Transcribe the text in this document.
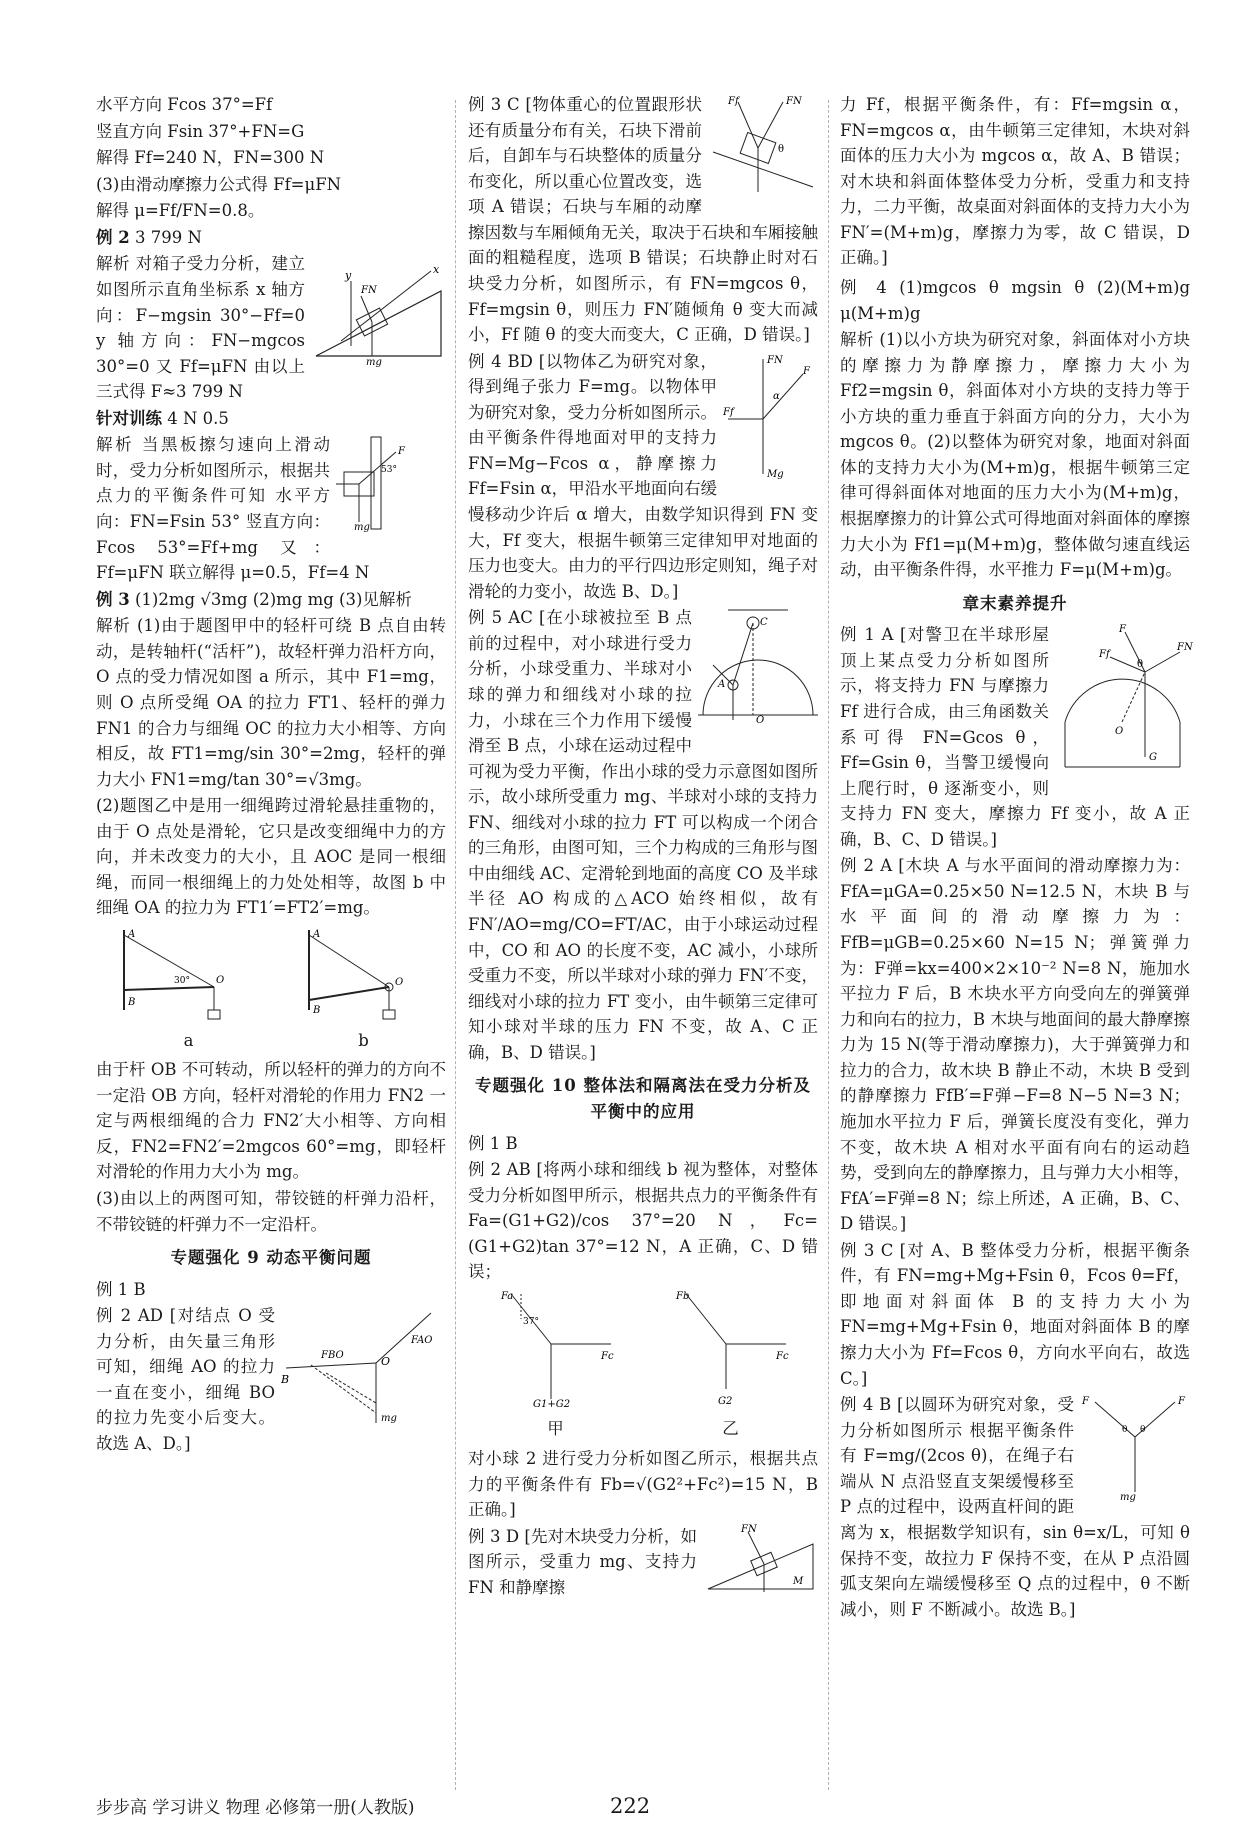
水平方向 Fcos 37°=Ff

竖直方向 Fsin 37°+FN=G

解得 Ff=240 N，FN=300 N

(3)由滑动摩擦力公式得 Ff=μFN

解得 μ=Ff/FN=0.8。

例 2 3 799 N

y	x
FN
mg

解析 对箱子受力分析，建立如图所示直角坐标系 x 轴方向：F−mgsin 30°−Ff=0 y 轴方向：FN−mgcos 30°=0 又 Ff=μFN 由以上三式得 F≈3 799 N

针对训练 4 N 0.5

F
53°
mg

解析 当黑板擦匀速向上滑动时，受力分析如图所示，根据共点力的平衡条件可知 水平方向：FN=Fsin 53° 竖直方向：Fcos 53°=Ff+mg 又：Ff=μFN 联立解得 μ=0.5，Ff=4 N

例 3 (1)2mg √3mg (2)mg mg (3)见解析

解析 (1)由于题图甲中的轻杆可绕 B 点自由转动，是转轴杆(“活杆”)，故轻杆弹力沿杆方向，O 点的受力情况如图 a 所示，其中 F1=mg，则 O 点所受绳 OA 的拉力 FT1、轻杆的弹力 FN1 的合力与细绳 OC 的拉力大小相等、方向相反，故 FT1=mg/sin 30°=2mg，轻杆的弹力大小 FN1=mg/tan 30°=√3mg。

(2)题图乙中是用一细绳跨过滑轮悬挂重物的，由于 O 点处是滑轮，它只是改变细绳中力的方向，并未改变力的大小，且 AOC 是同一根细绳，而同一根细绳上的力处处相等，故图 b 中细绳 OA 的拉力为 FT1′=FT2′=mg。

A
B
O
30°
a
A
B
O
b

由于杆 OB 不可转动，所以轻杆的弹力的方向不一定沿 OB 方向，轻杆对滑轮的作用力 FN2 一定与两根细绳的合力 FN2′大小相等、方向相反，FN2=FN2′=2mgcos 60°=mg，即轻杆对滑轮的作用力大小为 mg。

(3)由以上的两图可知，带铰链的杆弹力沿杆，不带铰链的杆弹力不一定沿杆。

专题强化 9 动态平衡问题

例 1 B

B
O
FAO
FBO
mg

例 2 AD [对结点 O 受力分析，由矢量三角形可知，细绳 AO 的拉力一直在变小，细绳 BO 的拉力先变小后变大。故选 A、D。]

Ff	FN
θ

例 3 C [物体重心的位置跟形状还有质量分布有关，石块下滑前后，自卸车与石块整体的质量分布变化，所以重心位置改变，选项 A 错误；石块与车厢的动摩擦因数与车厢倾角无关，取决于石块和车厢接触面的粗糙程度，选项 B 错误；石块静止时对石块受力分析，如图所示，有 FN=mgcos θ，Ff=mgsin θ，则压力 FN′随倾角 θ 变大而减小，Ff 随 θ 的变大而变大，C 正确，D 错误。]

FN
F
α
Ff
Mg

例 4 BD [以物体乙为研究对象，得到绳子张力 F=mg。以物体甲为研究对象，受力分析如图所示。由平衡条件得地面对甲的支持力 FN=Mg−Fcos α，静摩擦力 Ff=Fsin α，甲沿水平地面向右缓慢移动少许后 α 增大，由数学知识得到 FN 变大，Ff 变大，根据牛顿第三定律知甲对地面的压力也变大。由力的平行四边形定则知，绳子对滑轮的力变小，故选 B、D。]

C
O
A

例 5 AC [在小球被拉至 B 点前的过程中，对小球进行受力分析，小球受重力、半球对小球的弹力和细线对小球的拉力，小球在三个力作用下缓慢滑至 B 点，小球在运动过程中可视为受力平衡，作出小球的受力示意图如图所示，故小球所受重力 mg、半球对小球的支持力 FN、细线对小球的拉力 FT 可以构成一个闭合的三角形，由图可知，三个力构成的三角形与图中由细线 AC、定滑轮到地面的高度 CO 及半球半径 AO 构成的△ACO 始终相似，故有 FN′/AO=mg/CO=FT/AC，由于小球运动过程中，CO 和 AO 的长度不变，AC 减小，小球所受重力不变，所以半球对小球的弹力 FN′不变，细线对小球的拉力 FT 变小，由牛顿第三定律可知小球对半球的压力 FN 不变，故 A、C 正确，B、D 错误。]

专题强化 10 整体法和隔离法在受力分析及平衡中的应用

例 1 B

例 2 AB [将两小球和细线 b 视为整体，对整体受力分析如图甲所示，根据共点力的平衡条件有 Fa=(G1+G2)/cos 37°=20 N，Fc=(G1+G2)tan 37°=12 N，A 正确，C、D 错误；

Fa
Fc
37°
G1+G2
甲
Fb
Fc
G2
乙

对小球 2 进行受力分析如图乙所示，根据共点力的平衡条件有 Fb=√(G2²+Fc²)=15 N，B 正确。]

FN
M

例 3 D [先对木块受力分析，如图所示，受重力 mg、支持力 FN 和静摩擦

力 Ff，根据平衡条件，有：Ff=mgsin α，FN=mgcos α，由牛顿第三定律知，木块对斜面体的压力大小为 mgcos α，故 A、B 错误；对木块和斜面体整体受力分析，受重力和支持力，二力平衡，故桌面对斜面体的支持力大小为 FN′=(M+m)g，摩擦力为零，故 C 错误，D 正确。]

例 4 (1)mgcos θ mgsin θ (2)(M+m)g μ(M+m)g

解析 (1)以小方块为研究对象，斜面体对小方块的摩擦力为静摩擦力，摩擦力大小为 Ff2=mgsin θ，斜面体对小方块的支持力等于小方块的重力垂直于斜面方向的分力，大小为 mgcos θ。(2)以整体为研究对象，地面对斜面体的支持力大小为(M+m)g，根据牛顿第三定律可得斜面体对地面的压力大小为(M+m)g，根据摩擦力的计算公式可得地面对斜面体的摩擦力大小为 Ff1=μ(M+m)g，整体做匀速直线运动，由平衡条件得，水平推力 F=μ(M+m)g。

章末素养提升
F
FN
Ff
O
G
θ

例 1 A [对警卫在半球形屋顶上某点受力分析如图所示，将支持力 FN 与摩擦力 Ff 进行合成，由三角函数关系可得 FN=Gcos θ，Ff=Gsin θ，当警卫缓慢向上爬行时，θ 逐渐变小，则支持力 FN 变大，摩擦力 Ff 变小，故 A 正确，B、C、D 错误。]

例 2 A [木块 A 与水平面间的滑动摩擦力为：FfA=μGA=0.25×50 N=12.5 N，木块 B 与水平面间的滑动摩擦力为：FfB=μGB=0.25×60 N=15 N；弹簧弹力为：F弹=kx=400×2×10⁻² N=8 N，施加水平拉力 F 后，B 木块水平方向受向左的弹簧弹力和向右的拉力，B 木块与地面间的最大静摩擦力为 15 N(等于滑动摩擦力)，大于弹簧弹力和拉力的合力，故木块 B 静止不动，木块 B 受到的静摩擦力 FfB′=F弹−F=8 N−5 N=3 N；施加水平拉力 F 后，弹簧长度没有变化，弹力不变，故木块 A 相对水平面有向右的运动趋势，受到向左的静摩擦力，且与弹力大小相等，FfA′=F弹=8 N；综上所述，A 正确，B、C、D 错误。]

例 3 C [对 A、B 整体受力分析，根据平衡条件，有 FN=mg+Mg+Fsin θ，Fcos θ=Ff，即地面对斜面体 B 的支持力大小为 FN=mg+Mg+Fsin θ，地面对斜面体 B 的摩擦力大小为 Ff=Fcos θ，方向水平向右，故选 C。]

F	F
θ θ
mg

例 4 B [以圆环为研究对象，受力分析如图所示 根据平衡条件有 F=mg/(2cos θ)，在绳子右端从 N 点沿竖直支架缓慢移至 P 点的过程中，设两直杆间的距离为 x，根据数学知识有，sin θ=x/L，可知 θ 保持不变，故拉力 F 保持不变，在从 P 点沿圆弧支架向左端缓慢移至 Q 点的过程中，θ 不断减小，则 F 不断减小。故选 B。]

步步高 学习讲义 物理 必修第一册(人教版)	222
